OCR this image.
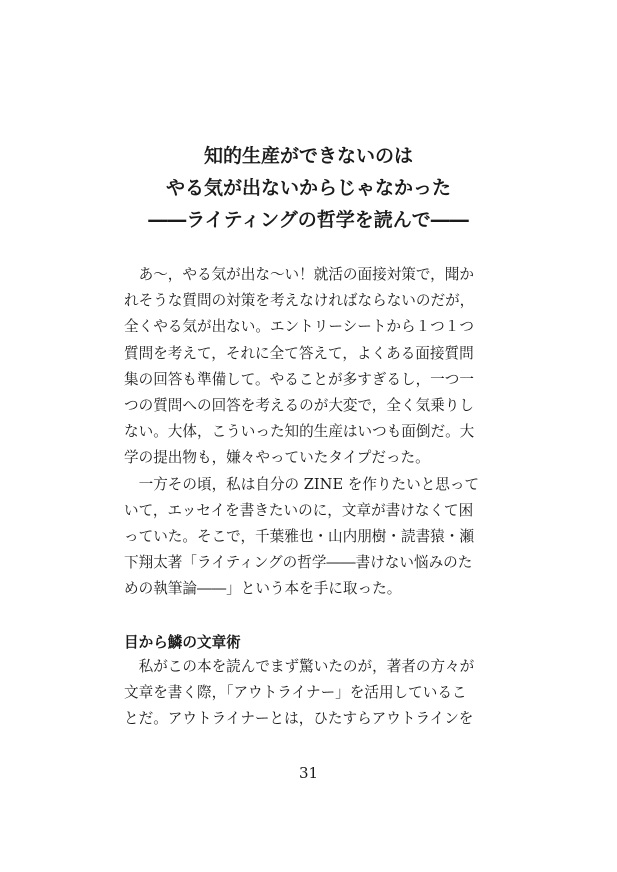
知的生産ができないのは
やる気が出ないからじゃなかった
――ライティングの哲学を読んで――
　あ～，やる気が出な～い！就活の面接対策で，聞か
れそうな質問の対策を考えなければならないのだが，
全くやる気が出ない。エントリーシートから１つ１つ
質問を考えて，それに全て答えて，よくある面接質問
集の回答も準備して。やることが多すぎるし，一つ一
つの質問への回答を考えるのが大変で，全く気乗りし
ない。大体，こういった知的生産はいつも面倒だ。大
学の提出物も，嫌々やっていたタイプだった。
　一方その頃，私は自分の ZINE を作りたいと思って
いて，エッセイを書きたいのに，文章が書けなくて困
っていた。そこで，千葉雅也・山内朋樹・読書猿・瀬
下翔太著「ライティングの哲学――書けない悩みのた
めの執筆論――」という本を手に取った。
目から鱗の文章術
　私がこの本を読んでまず驚いたのが，著者の方々が
文章を書く際，「アウトライナー」を活用しているこ
とだ。アウトライナーとは，ひたすらアウトラインを
31
